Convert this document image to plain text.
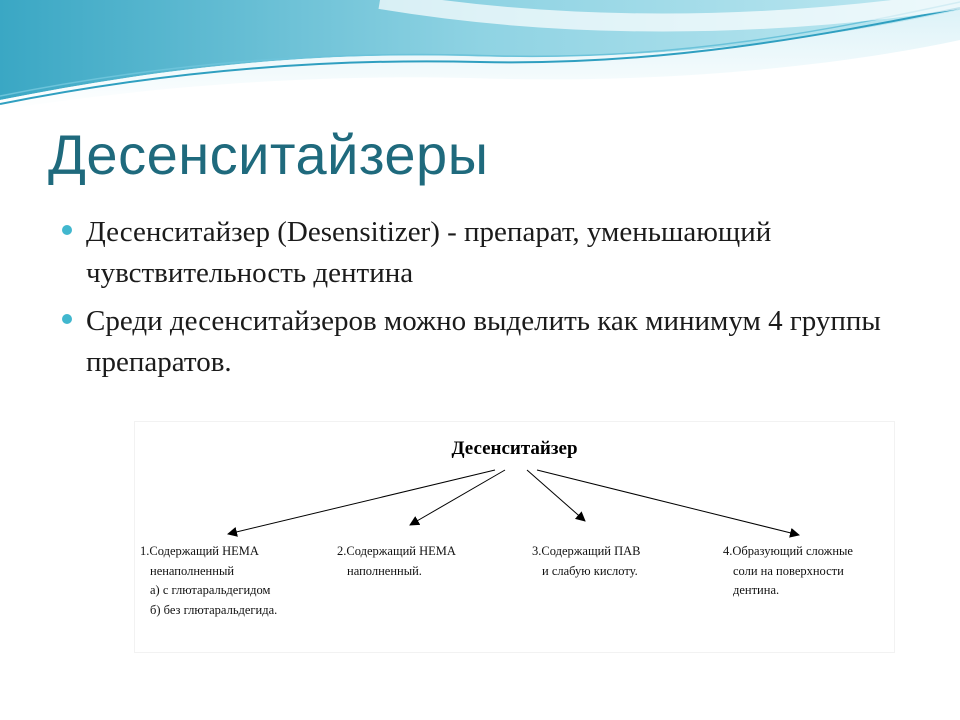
Десенситайзеры
Десенситайзер (Desensitizer) - препарат, уменьшающий чувствительность дентина
Среди десенситайзеров можно выделить как минимум 4 группы препаратов.
Десенситайзер
1.Содержащий НЕМА
ненаполненный
а) с глютаральдегидом
б) без глютаральдегида.
2.Содержащий НЕМА
наполненный.
3.Содержащий ПАВ
и слабую кислоту.
4.Образующий сложные
соли на поверхности
дентина.
